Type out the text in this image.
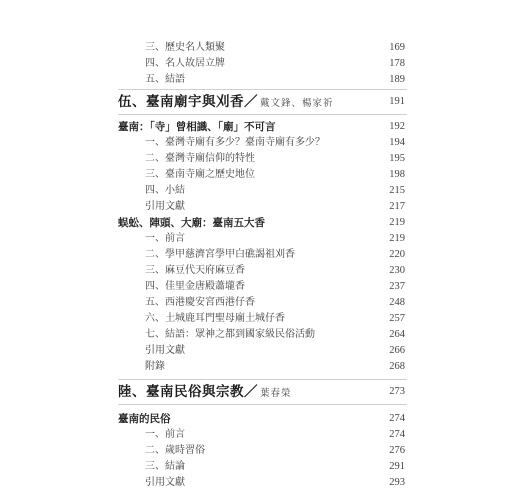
三、歷史名人類聚	169
四、名人故居立牌	178
五、結語	189
伍、臺南廟宇與刈香／ 戴文鋒、楊家祈	191
臺南：「寺」曾相識、「廟」不可言	192
一、臺灣寺廟有多少？臺南寺廟有多少？	194
二、臺灣寺廟信仰的特性	195
三、臺南寺廟之歷史地位	198
四、小結	215
引用文獻	217
蜈蚣、陣頭、大廟：臺南五大香	219
一、前言	219
二、學甲慈濟宮學甲白礁謁祖刈香	220
三、麻豆代天府麻豆香	230
四、佳里金唐殿蕭壠香	237
五、西港慶安宮西港仔香	248
六、土城鹿耳門聖母廟土城仔香	257
七、結語：眾神之都到國家級民俗活動	264
引用文獻	266
附錄	268
陸、臺南民俗與宗教／ 葉春榮	273
臺南的民俗	274
一、前言	274
二、歲時習俗	276
三、結論	291
引用文獻	293
